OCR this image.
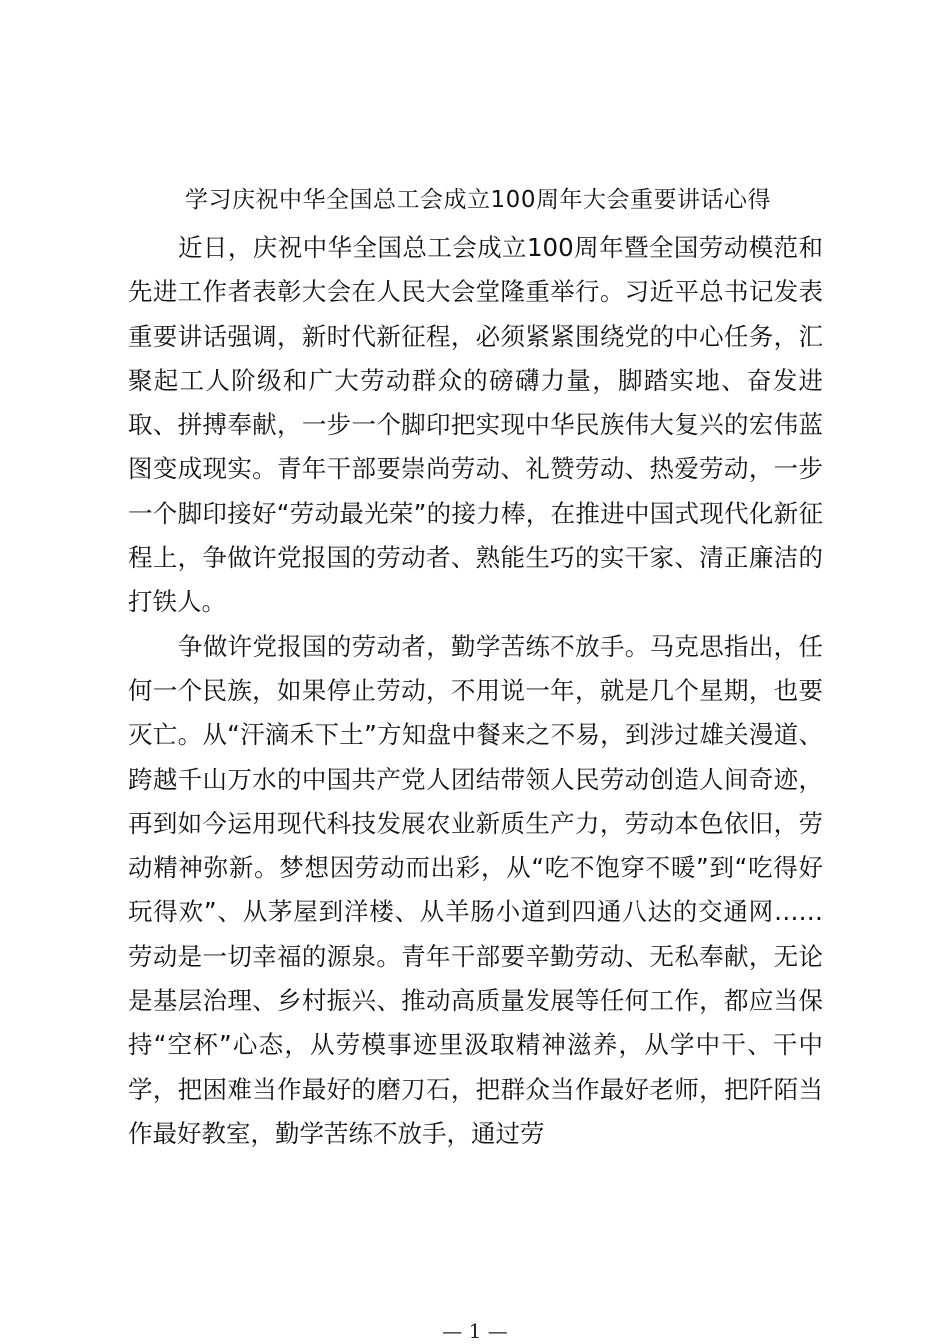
学习庆祝中华全国总工会成立100周年大会重要讲话心得

近日，庆祝中华全国总工会成立100周年暨全国劳动模范和先进工作者表彰大会在人民大会堂隆重举行。习近平总书记发表重要讲话强调，新时代新征程，必须紧紧围绕党的中心任务，汇聚起工人阶级和广大劳动群众的磅礴力量，脚踏实地、奋发进取、拼搏奉献，一步一个脚印把实现中华民族伟大复兴的宏伟蓝图变成现实。青年干部要崇尚劳动、礼赞劳动、热爱劳动，一步一个脚印接好“劳动最光荣”的接力棒，在推进中国式现代化新征程上，争做许党报国的劳动者、熟能生巧的实干家、清正廉洁的打铁人。

争做许党报国的劳动者，勤学苦练不放手。马克思指出，任何一个民族，如果停止劳动，不用说一年，就是几个星期，也要灭亡。从“汗滴禾下土”方知盘中餐来之不易，到涉过雄关漫道、跨越千山万水的中国共产党人团结带领人民劳动创造人间奇迹，再到如今运用现代科技发展农业新质生产力，劳动本色依旧，劳动精神弥新。梦想因劳动而出彩，从“吃不饱穿不暖”到“吃得好玩得欢”、从茅屋到洋楼、从羊肠小道到四通八达的交通网……劳动是一切幸福的源泉。青年干部要辛勤劳动、无私奉献，无论是基层治理、乡村振兴、推动高质量发展等任何工作，都应当保持“空杯”心态，从劳模事迹里汲取精神滋养，从学中干、干中学，把困难当作最好的磨刀石，把群众当作最好老师，把阡陌当作最好教室，勤学苦练不放手，通过劳

— 1 —
